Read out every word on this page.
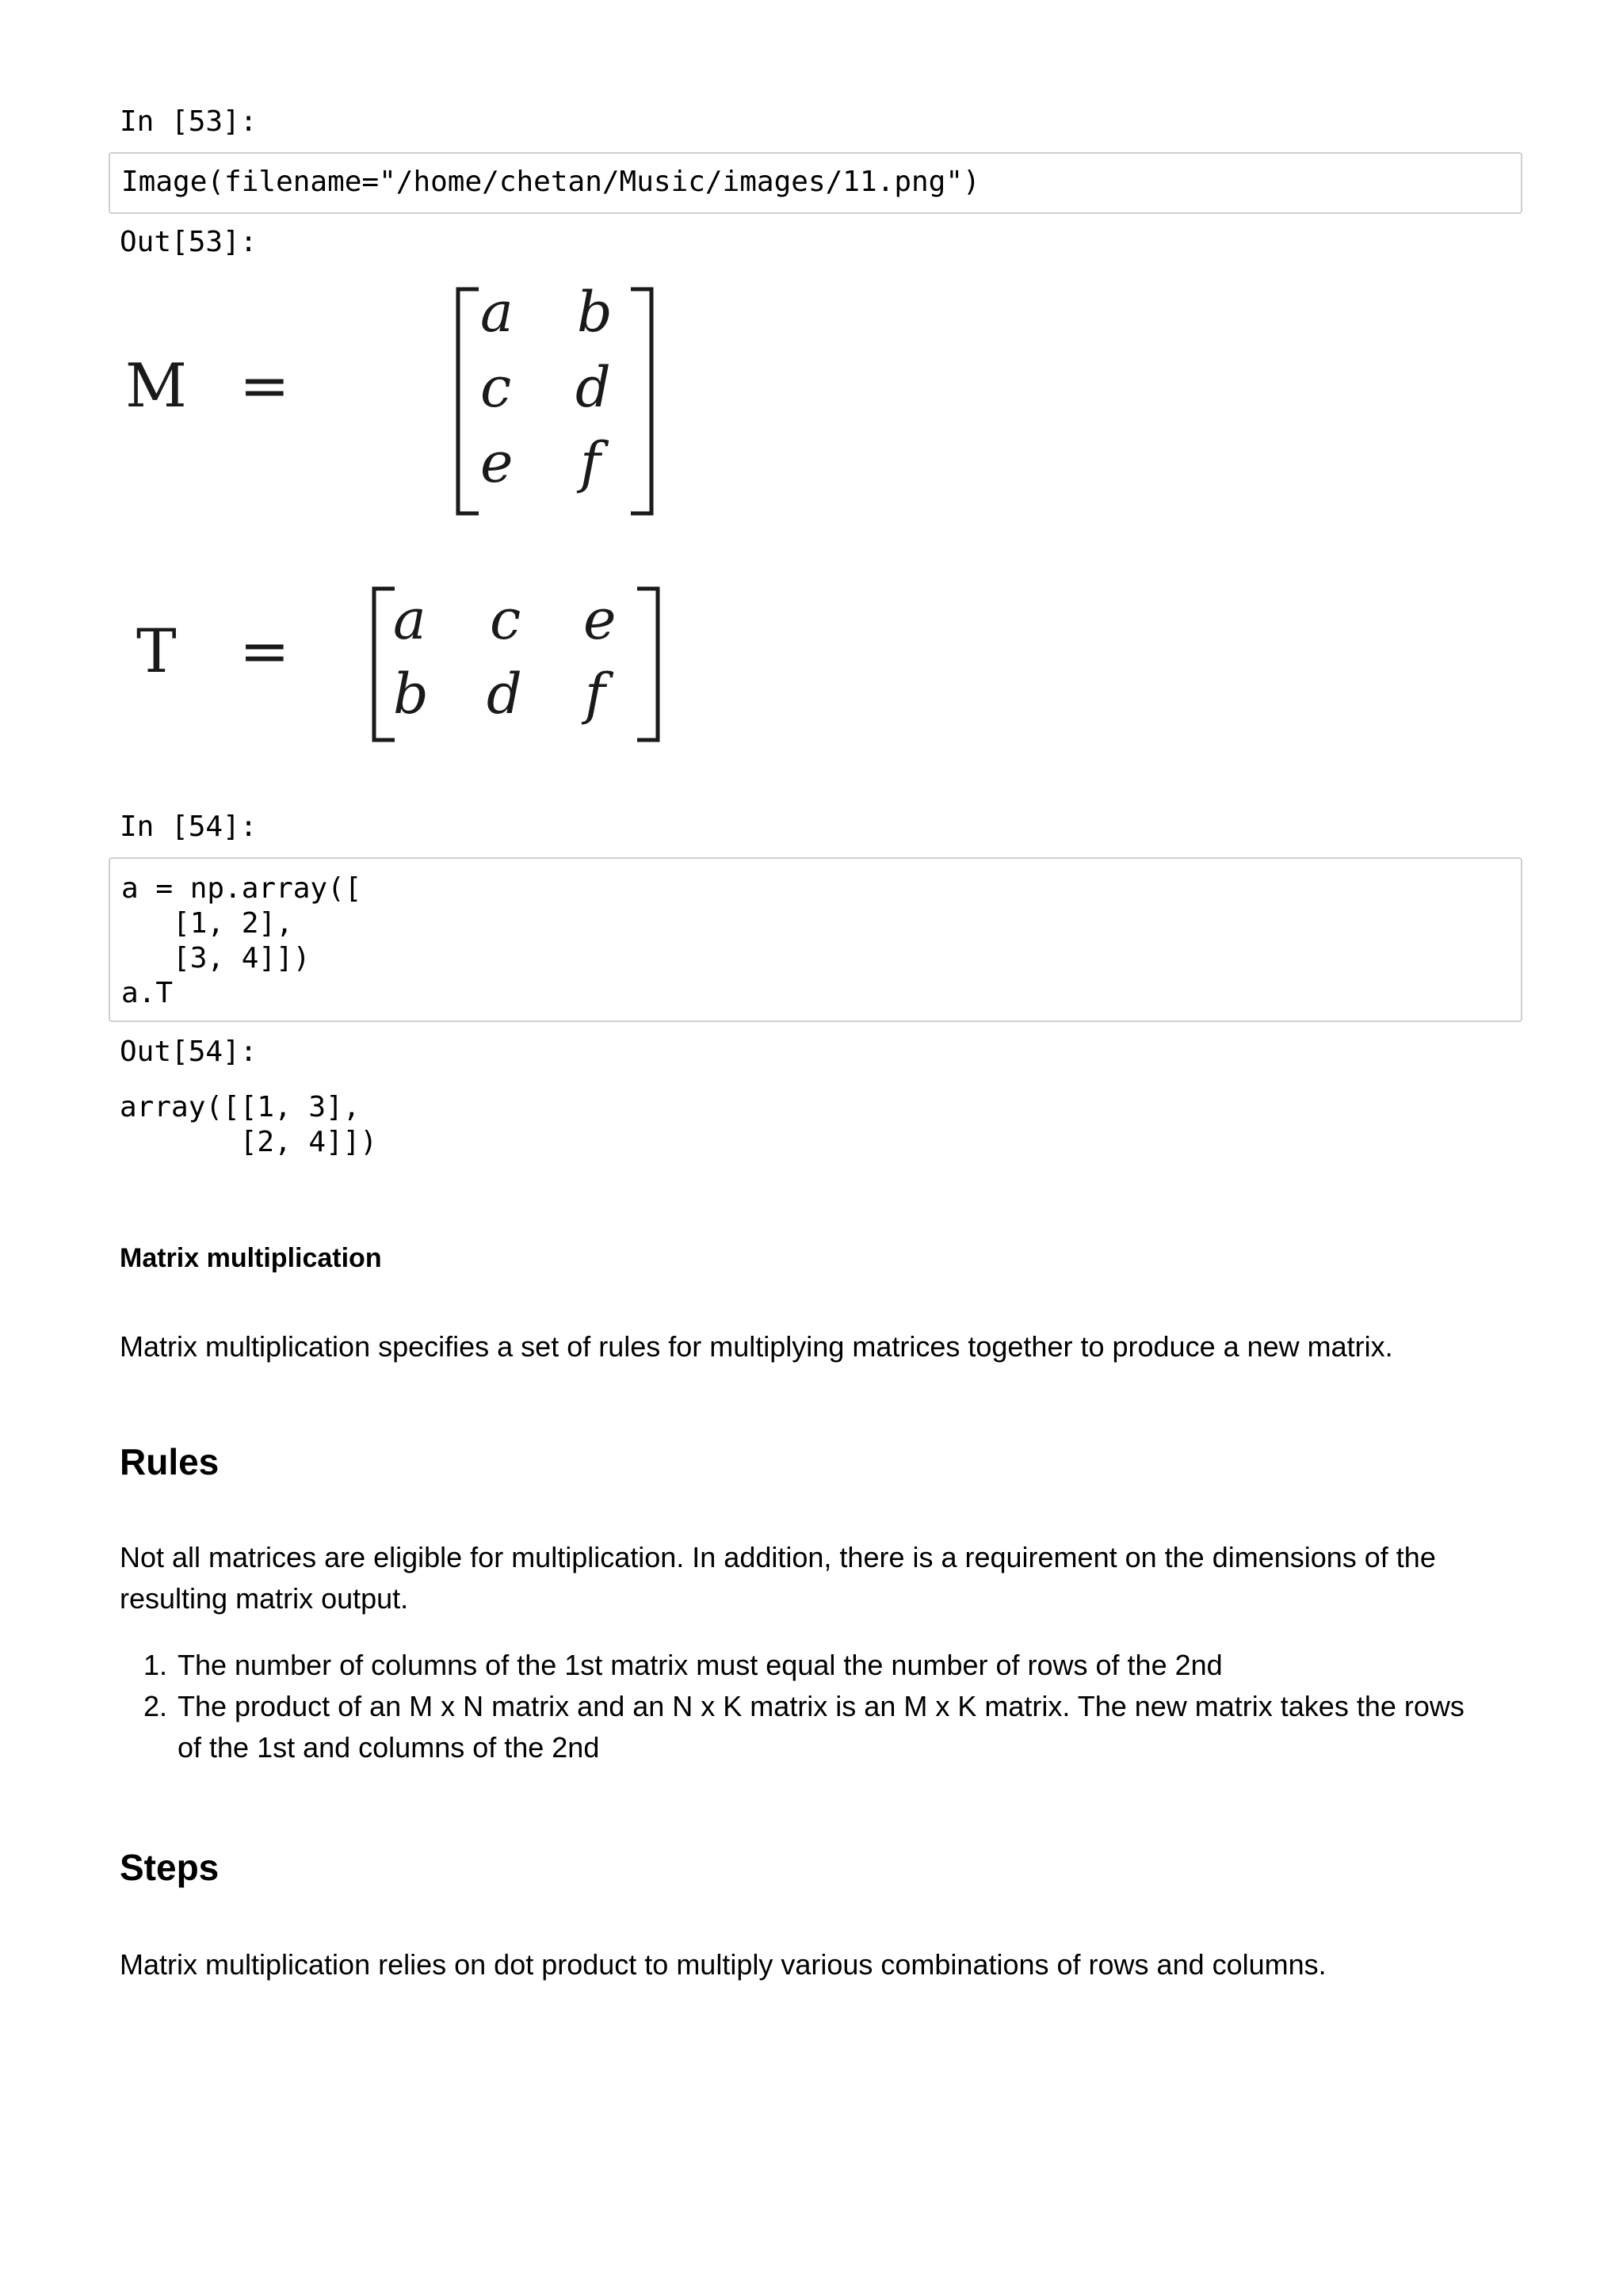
In [53]:
Image(filename="/home/chetan/Music/images/11.png")
Out[53]:
M =
a b
c d
e f
T = a c e
b d f
In [54]:
a = np.array([
[1, 2],
[3, 4]])
a.T
Out[54]:
array([[1, 3],
[2, 4]])
Matrix multiplication

Matrix multiplication specifies a set of rules for multiplying matrices together to produce a new matrix.

Rules

Not all matrices are eligible for multiplication. In addition, there is a requirement on the dimensions of the resulting matrix output.

1. The number of columns of the 1st matrix must equal the number of rows of the 2nd
2. The product of an M x N matrix and an N x K matrix is an M x K matrix. The new matrix takes the rows of the 1st and columns of the 2nd
Steps

Matrix multiplication relies on dot product to multiply various combinations of rows and columns.
